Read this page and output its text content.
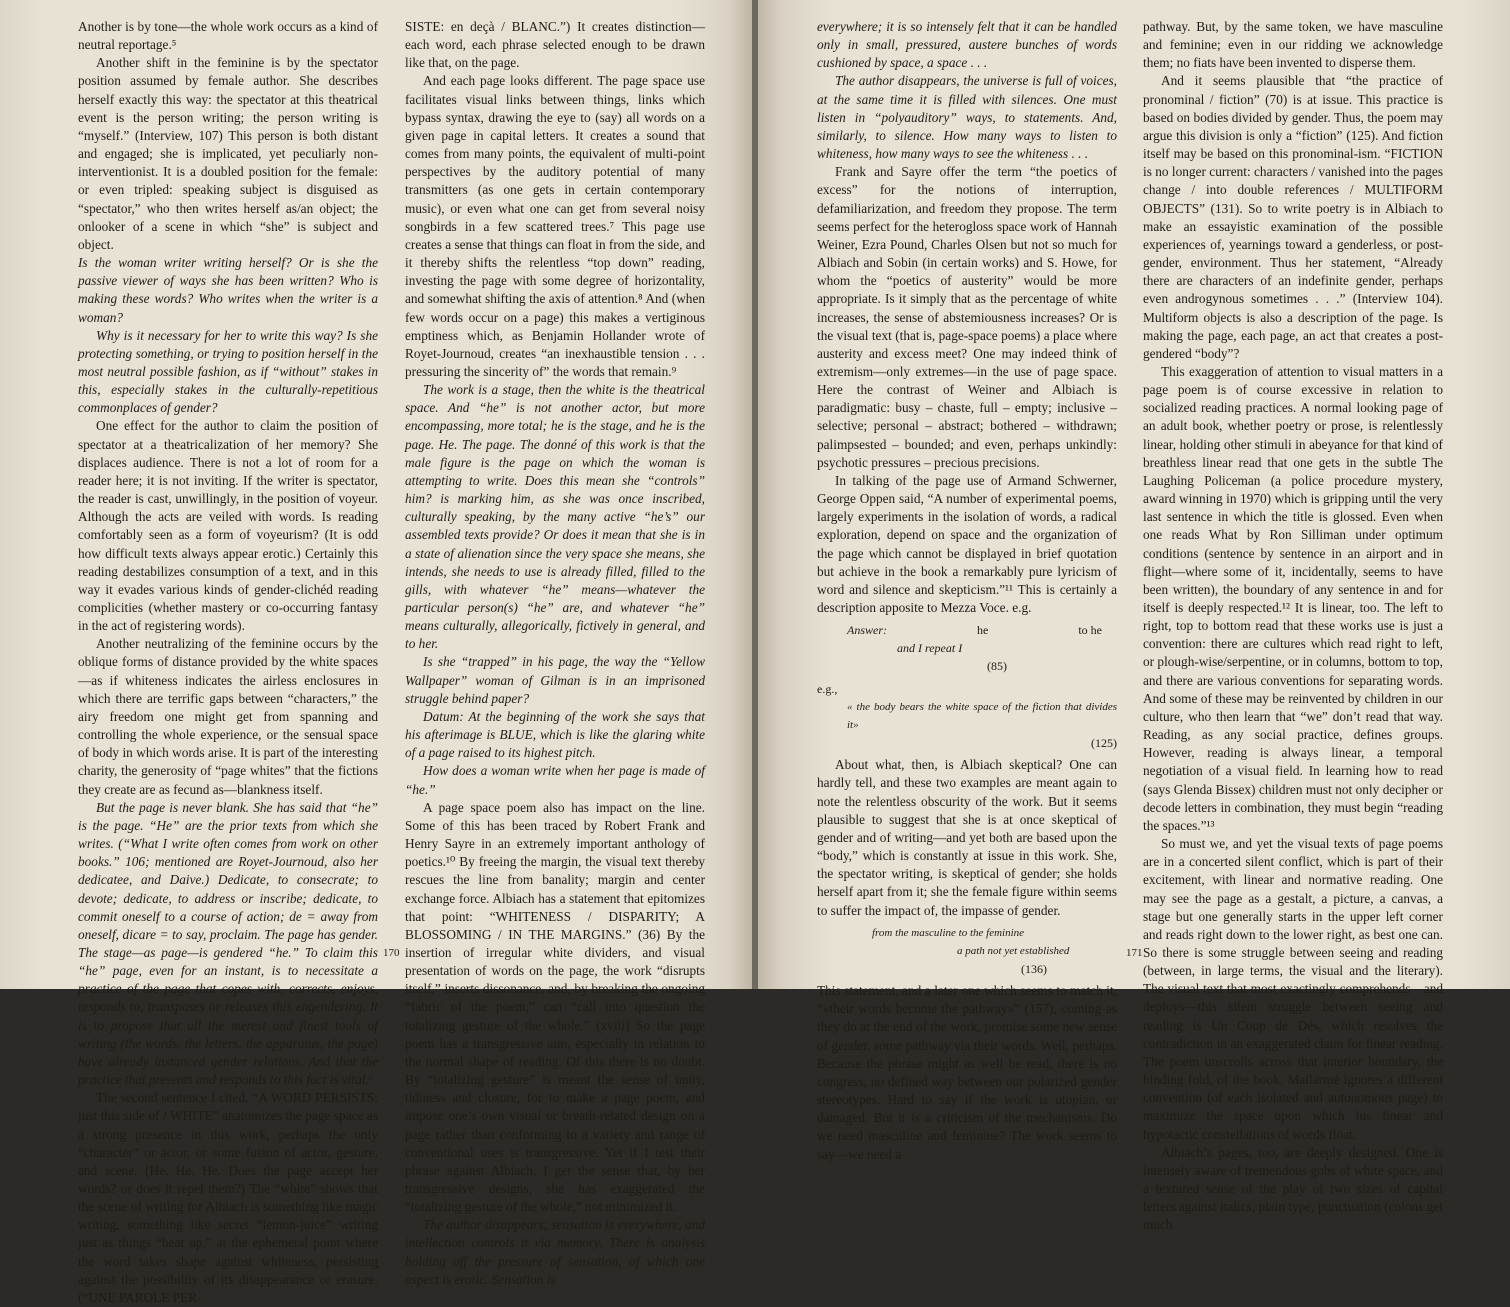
Another is by tone—the whole work occurs as a kind of neutral reportage.⁵

Another shift in the feminine is by the spectator position assumed by female author. She describes herself exactly this way: the spectator at this theatrical event is the person writing; the person writing is “myself.” (Interview, 107) This person is both distant and engaged; she is implicated, yet peculiarly non-interventionist. It is a doubled position for the female: or even tripled: speaking subject is disguised as “spectator,” who then writes herself as/an object; the onlooker of a scene in which “she” is subject and object.

Is the woman writer writing herself? Or is she the passive viewer of ways she has been written? Who is making these words? Who writes when the writer is a woman?

Why is it necessary for her to write this way? Is she protecting something, or trying to position herself in the most neutral possible fashion, as if “without” stakes in this, especially stakes in the culturally-repetitious commonplaces of gender?

One effect for the author to claim the position of spectator at a theatricalization of her memory? She displaces audience. There is not a lot of room for a reader here; it is not inviting. If the writer is spectator, the reader is cast, unwillingly, in the position of voyeur. Although the acts are veiled with words. Is reading comfortably seen as a form of voyeurism? (It is odd how difficult texts always appear erotic.) Certainly this reading destabilizes consumption of a text, and in this way it evades various kinds of gender-clichéd reading complicities (whether mastery or co-occurring fantasy in the act of registering words).

Another neutralizing of the feminine occurs by the oblique forms of distance provided by the white spaces—as if whiteness indicates the airless enclosures in which there are terrific gaps between “characters,” the airy freedom one might get from spanning and controlling the whole experience, or the sensual space of body in which words arise. It is part of the interesting charity, the generosity of “page whites” that the fictions they create are as fecund as—blankness itself.

But the page is never blank. She has said that “he” is the page. “He” are the prior texts from which she writes. (“What I write often comes from work on other books.” 106; mentioned are Royet-Journoud, also her dedicatee, and Daive.) Dedicate, to consecrate; to devote; dedicate, to address or inscribe; dedicate, to commit oneself to a course of action; de = away from oneself, dicare = to say, proclaim. The page has gender. The stage—as page—is gendered “he.” To claim this “he” page, even for an instant, is to necessitate a practice of the page that copes with, corrects, enjoys, responds to, transposes or releases this engendering. It is to propose that all the merest and finest tools of writing (the words, the letters, the apparatus, the page) have already instanced gender relations. And that the practice that presents and responds to this fact is vital.⁶

The second sentence I cited, “A WORD PERSISTS: just this side of / WHITE” anatomizes the page space as a strong presence in this work, perhaps the only “character” or actor, or some fusion of actor, gesture, and scene. (He. He. He. Does the page accept her words? or does it repel them?) The “white” shows that the scene of writing for Albiach is something like magic writing, something like secret “lemon-juice” writing just as things “heat up,” at the ephemeral point where the word takes shape against whiteness, persisting against the possibility of its disappearance or erasure. (“UNE PAROLE PER-

SISTE: en deçà / BLANC.”) It creates distinction—each word, each phrase selected enough to be drawn like that, on the page.

And each page looks different. The page space use facilitates visual links between things, links which bypass syntax, drawing the eye to (say) all words on a given page in capital letters. It creates a sound that comes from many points, the equivalent of multi-point perspectives by the auditory potential of many transmitters (as one gets in certain contemporary music), or even what one can get from several noisy songbirds in a few scattered trees.⁷ This page use creates a sense that things can float in from the side, and it thereby shifts the relentless “top down” reading, investing the page with some degree of horizontality, and somewhat shifting the axis of attention.⁸ And (when few words occur on a page) this makes a vertiginous emptiness which, as Benjamin Hollander wrote of Royet-Journoud, creates “an inexhaustible tension . . . pressuring the sincerity of” the words that remain.⁹

The work is a stage, then the white is the theatrical space. And “he” is not another actor, but more encompassing, more total; he is the stage, and he is the page. He. The page. The donné of this work is that the male figure is the page on which the woman is attempting to write. Does this mean she “controls” him? is marking him, as she was once inscribed, culturally speaking, by the many active “he’s” our assembled texts provide? Or does it mean that she is in a state of alienation since the very space she means, she intends, she needs to use is already filled, filled to the gills, with whatever “he” means—whatever the particular person(s) “he” are, and whatever “he” means culturally, allegorically, fictively in general, and to her.

Is she “trapped” in his page, the way the “Yellow Wallpaper” woman of Gilman is in an imprisoned struggle behind paper?

Datum: At the beginning of the work she says that his afterimage is BLUE, which is like the glaring white of a page raised to its highest pitch.

How does a woman write when her page is made of “he.”

A page space poem also has impact on the line. Some of this has been traced by Robert Frank and Henry Sayre in an extremely important anthology of poetics.¹⁰ By freeing the margin, the visual text thereby rescues the line from banality; margin and center exchange force. Albiach has a statement that epitomizes that point: “WHITENESS / DISPARITY; A BLOSSOMING / IN THE MARGINS.” (36) By the insertion of irregular white dividers, and visual presentation of words on the page, the work “disrupts itself,” inserts dissonance, and, by breaking the ongoing “fabric of the poem,” can “call into question the totalizing gesture of the whole.” (xviii) So the page poem has a transgressive aim, especially in relation to the normal shape of reading. Of this there is no doubt. By “totalizing gesture” is meant the sense of unity, tidiness and closure, for to make a page poem, and impose one’s own visual or breath-related design on a page rather than conforming to a variety and range of conventional uses is transgressive. Yet if I test their phrase against Albiach, I get the sense that, by her transgressive designs, she has exaggerated the “totalizing gesture of the whole,” not minimized it.

The author disappears; sensation is everywhere, and intellection controls it via memory. There is analysis holding off the pressure of sensation, of which one aspect is erotic. Sensation is

170

everywhere; it is so intensely felt that it can be handled only in small, pressured, austere bunches of words cushioned by space, a space . . .

The author disappears, the universe is full of voices, at the same time it is filled with silences. One must listen in “polyauditory” ways, to statements. And, similarly, to silence. How many ways to listen to whiteness, how many ways to see the whiteness . . .

Frank and Sayre offer the term “the poetics of excess” for the notions of interruption, defamiliarization, and freedom they propose. The term seems perfect for the heterogloss space work of Hannah Weiner, Ezra Pound, Charles Olsen but not so much for Albiach and Sobin (in certain works) and S. Howe, for whom the “poetics of austerity” would be more appropriate. Is it simply that as the percentage of white increases, the sense of abstemiousness increases? Or is the visual text (that is, page-space poems) a place where austerity and excess meet? One may indeed think of extremism—only extremes—in the use of page space. Here the contrast of Weiner and Albiach is paradigmatic: busy – chaste, full – empty; inclusive – selective; personal – abstract; bothered – withdrawn; palimpsested – bounded; and even, perhaps unkindly: psychotic pressures – precious precisions.

In talking of the page use of Armand Schwerner, George Oppen said, “A number of experimental poems, largely experiments in the isolation of words, a radical exploration, depend on space and the organization of the page which cannot be displayed in brief quotation but achieve in the book a remarkably pure lyricism of word and silence and skepticism.”¹¹ This is certainly a description apposite to Mezza Voce. e.g.

Answer:	he	to he
and I repeat I
(85)
e.g.,
« the body bears the white space of the fiction that divides it»
(125)

About what, then, is Albiach skeptical? One can hardly tell, and these two examples are meant again to note the relentless obscurity of the work. But it seems plausible to suggest that she is at once skeptical of gender and of writing—and yet both are based upon the “body,” which is constantly at issue in this work. She, the spectator writing, is skeptical of gender; she holds herself apart from it; she the female figure within seems to suffer the impact of, the impasse of gender.

from the masculine to the feminine
a path not yet established
(136)

This statement, and a later one which seems to match it, “«their words become the pathway»” (157), coming as they do at the end of the work, promise some new sense of gender, some pathway via their words. Well, perhaps. Because the phrase might as well be read, there is no congress, no defined way between our polarized gender stereotypes. Hard to say if the work is utopian, or damaged. But it is a criticism of the mechanisms. Do we need masculine and feminine? The work seems to say—we need a

pathway. But, by the same token, we have masculine and feminine; even in our ridding we acknowledge them; no fiats have been invented to disperse them.

And it seems plausible that “the practice of pronominal / fiction” (70) is at issue. This practice is based on bodies divided by gender. Thus, the poem may argue this division is only a “fiction” (125). And fiction itself may be based on this pronominal-ism. “FICTION is no longer current: characters / vanished into the pages change / into double references / MULTIFORM OBJECTS” (131). So to write poetry is in Albiach to make an essayistic examination of the possible experiences of, yearnings toward a genderless, or post-gender, environment. Thus her statement, “Already there are characters of an indefinite gender, perhaps even androgynous sometimes . . .” (Interview 104). Multiform objects is also a description of the page. Is making the page, each page, an act that creates a post-gendered “body”?

This exaggeration of attention to visual matters in a page poem is of course excessive in relation to socialized reading practices. A normal looking page of an adult book, whether poetry or prose, is relentlessly linear, holding other stimuli in abeyance for that kind of breathless linear read that one gets in the subtle The Laughing Policeman (a police procedure mystery, award winning in 1970) which is gripping until the very last sentence in which the title is glossed. Even when one reads What by Ron Silliman under optimum conditions (sentence by sentence in an airport and in flight—where some of it, incidentally, seems to have been written), the boundary of any sentence in and for itself is deeply respected.¹² It is linear, too. The left to right, top to bottom read that these works use is just a convention: there are cultures which read right to left, or plough-wise/serpentine, or in columns, bottom to top, and there are various conventions for separating words. And some of these may be reinvented by children in our culture, who then learn that “we” don’t read that way. Reading, as any social practice, defines groups. However, reading is always linear, a temporal negotiation of a visual field. In learning how to read (says Glenda Bissex) children must not only decipher or decode letters in combination, they must begin “reading the spaces.”¹³

So must we, and yet the visual texts of page poems are in a concerted silent conflict, which is part of their excitement, with linear and normative reading. One may see the page as a gestalt, a picture, a canvas, a stage but one generally starts in the upper left corner and reads right down to the lower right, as best one can. So there is some struggle between seeing and reading (between, in large terms, the visual and the literary). The visual text that most exactingly comprehends—and deploys—this silent struggle between seeing and reading is Un Coup de Dés, which resolves the contradiction in an exaggerated claim for linear reading. The poem unscrolls across that interior boundary, the binding fold, of the book. Mallarmé ignores a different convention (of each isolated and autonomous page) to maximize the space upon which his linear and hypotactic constellations of words float.

Albiach’s pages, too, are deeply designed. One is intensely aware of tremendous gobs of white space, and a textured sense of the play of two sizes of capital letters against italics, plain type, punctuation (colons get much

171
